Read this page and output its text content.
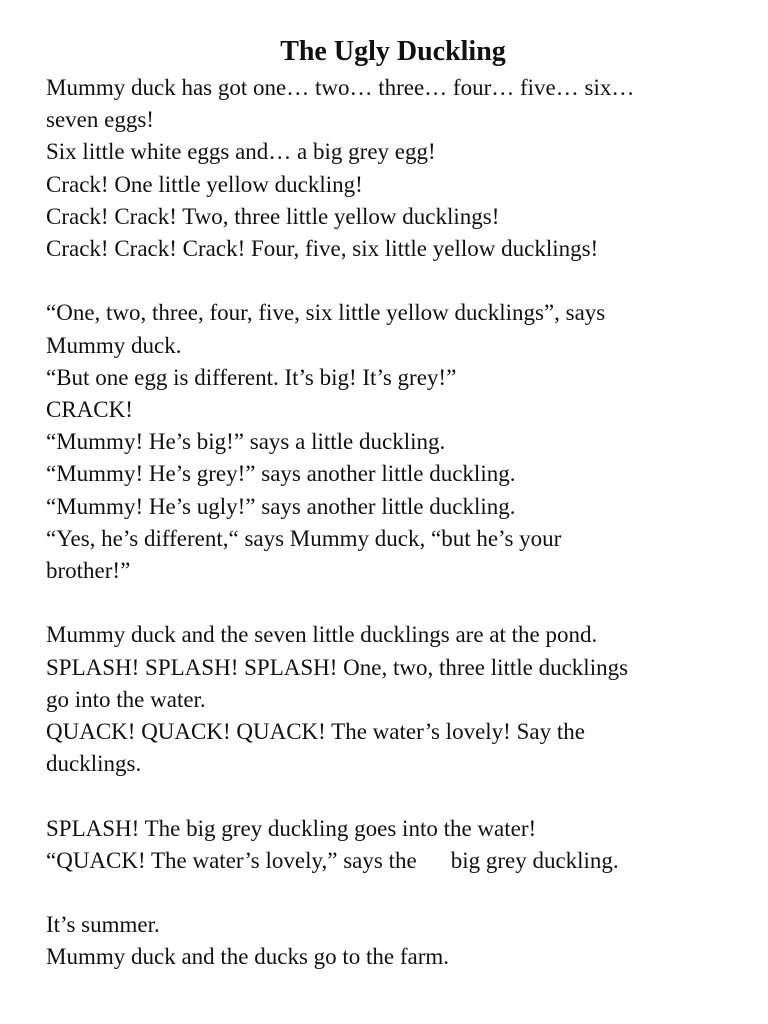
The Ugly Duckling

Mummy duck has got one… two… three… four… five… six…
seven eggs!
Six little white eggs and… a big grey egg!
Crack! One little yellow duckling!
Crack! Crack! Two, three little yellow ducklings!
Crack! Crack! Crack! Four, five, six little yellow ducklings!

“One, two, three, four, five, six little yellow ducklings”, says
Mummy duck.
“But one egg is different. It’s big! It’s grey!”
CRACK!
“Mummy! He’s big!” says a little duckling.
“Mummy! He’s grey!” says another little duckling.
“Mummy! He’s ugly!” says another little duckling.
“Yes, he’s different,“ says Mummy duck, “but he’s your
brother!”

Mummy duck and the seven little ducklings are at the pond.
SPLASH! SPLASH! SPLASH! One, two, three little ducklings
go into the water.
QUACK! QUACK! QUACK! The water’s lovely! Say the
ducklings.

SPLASH! The big grey duckling goes into the water!
“QUACK! The water’s lovely,” says the big grey duckling.

It’s summer.
Mummy duck and the ducks go to the farm.
